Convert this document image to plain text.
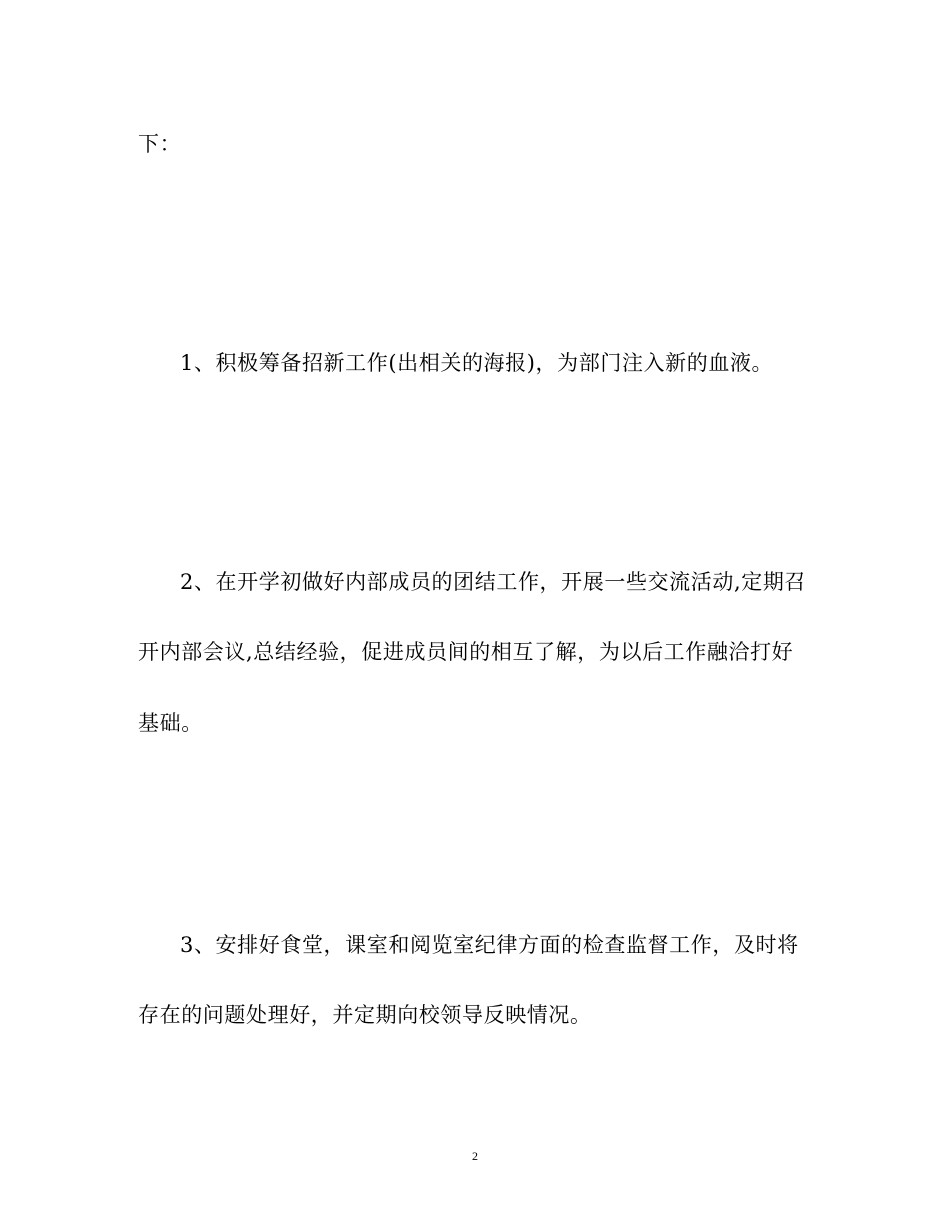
下：
1、积极筹备招新工作(出相关的海报)，为部门注入新的血液。
2、在开学初做好内部成员的团结工作，开展一些交流活动,定期召
开内部会议,总结经验，促进成员间的相互了解，为以后工作融洽打好
基础。
3、安排好食堂，课室和阅览室纪律方面的检查监督工作，及时将
存在的问题处理好，并定期向校领导反映情况。
2
